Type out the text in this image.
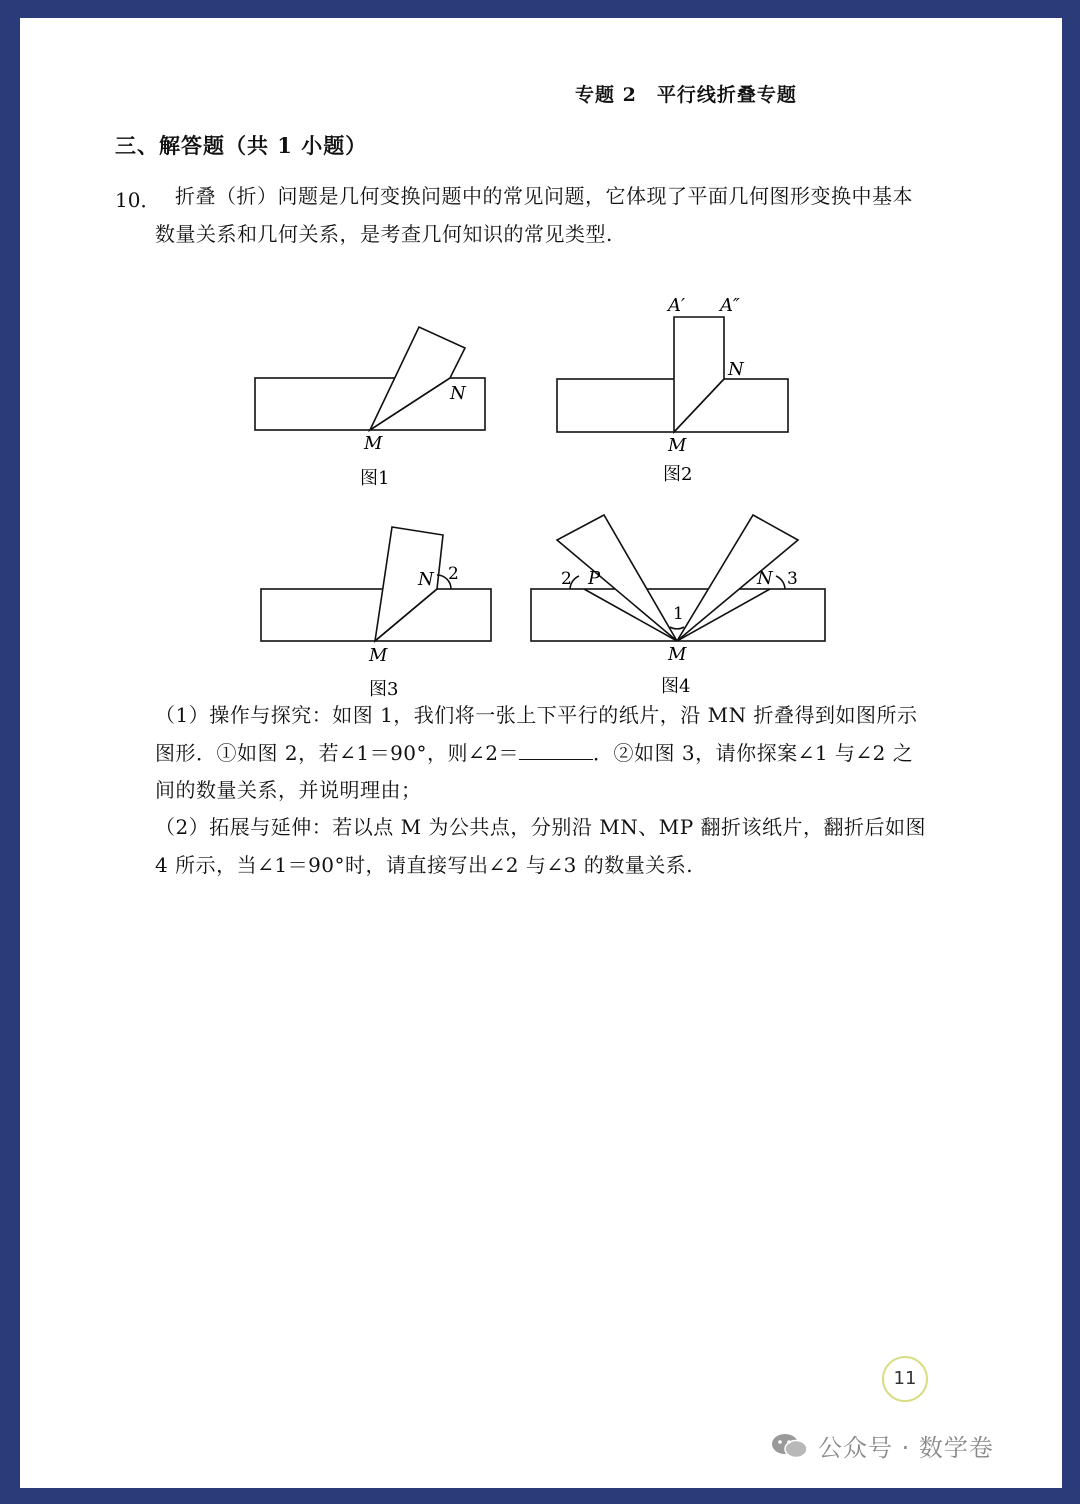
专题 2　平行线折叠专题
三、解答题（共 1 小题）
10． 折叠（折）问题是几何变换问题中的常见问题，它体现了平面几何图形变换中基本数量关系和几何关系，是考查几何知识的常见类型.
N
M
图1
A′ A″
N
M
图2
N 2
M
图3
2 P
1
N 3
M
图4
（1）操作与探究：如图 1，我们将一张上下平行的纸片，沿 MN 折叠得到如图所示图形．①如图 2，若∠1＝90°，则∠2＝	．②如图 3，请你探案∠1 与∠2 之间的数量关系，并说明理由；
（2）拓展与延伸：若以点 M 为公共点，分别沿 MN、MP 翻折该纸片，翻折后如图 4 所示，当∠1＝90°时，请直接写出∠2 与∠3 的数量关系.
11
公众号 · 数学卷
